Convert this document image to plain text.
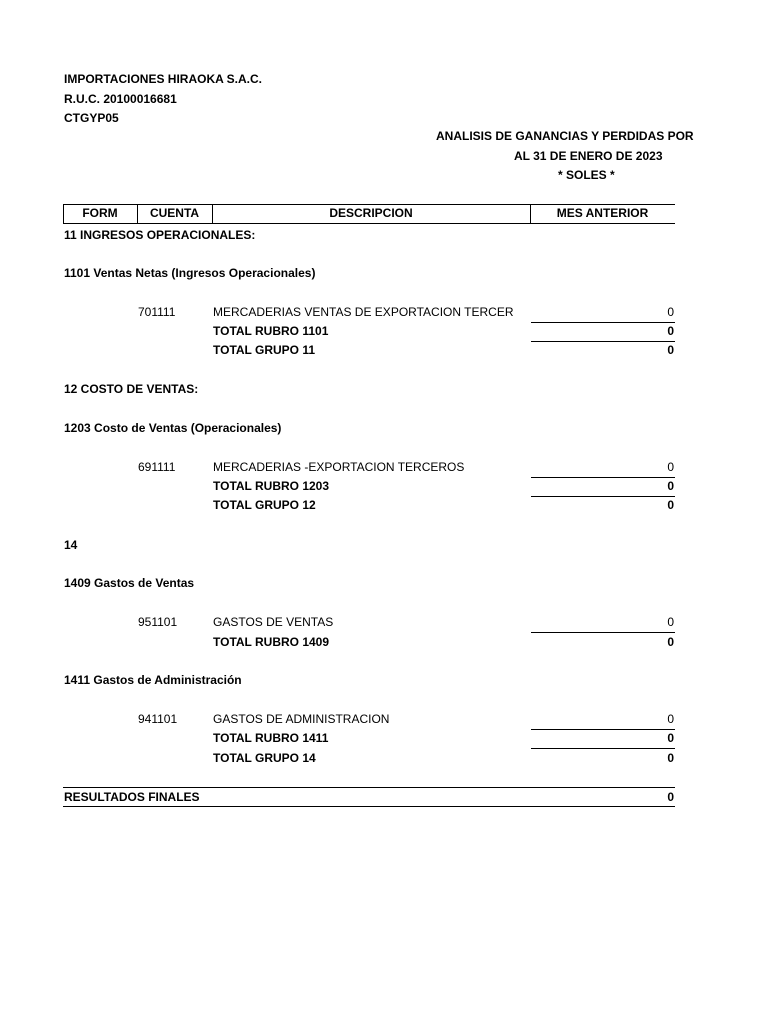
IMPORTACIONES HIRAOKA S.A.C.
R.U.C. 20100016681
CTGYP05
ANALISIS DE GANANCIAS Y PERDIDAS POR
AL 31 DE ENERO DE 2023
* SOLES *
FORM	CUENTA	DESCRIPCION	MES ANTERIOR
11 INGRESOS OPERACIONALES:
1101 Ventas Netas (Ingresos Operacionales)
701111	MERCADERIAS VENTAS DE EXPORTACION TERCER	0
TOTAL RUBRO 1101	0
TOTAL GRUPO 11	0
12 COSTO DE VENTAS:
1203 Costo de Ventas (Operacionales)
691111	MERCADERIAS -EXPORTACION TERCEROS	0
TOTAL RUBRO 1203	0
TOTAL GRUPO 12	0
14
1409 Gastos de Ventas
951101	GASTOS DE VENTAS	0
TOTAL RUBRO 1409	0
1411 Gastos de Administración
941101	GASTOS DE ADMINISTRACION	0
TOTAL RUBRO 1411	0
TOTAL GRUPO 14	0
RESULTADOS FINALES	0
